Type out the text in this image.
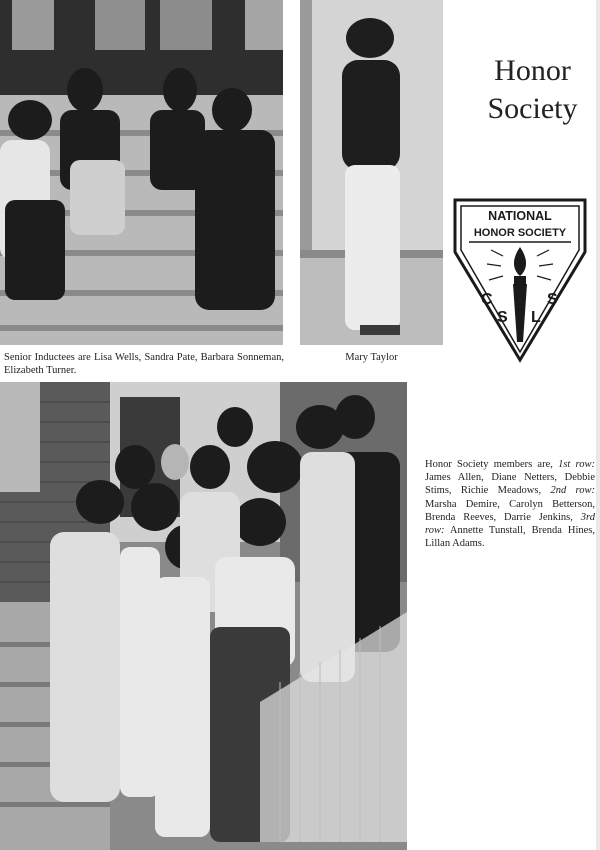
Senior Inductees are Lisa Wells, Sandra Pate, Barbara Sonneman, Elizabeth Turner.
Mary Taylor
Honor
Society
NATIONAL
HONOR SOCIETY
C
S L
S
Honor Society members are, 1st row: James Allen, Diane Netters, Debbie Stims, Richie Meadows, 2nd row: Marsha Demire, Carolyn Betterson, Brenda Reeves, Darrie Jenkins, 3rd row: Annette Tunstall, Brenda Hines, Lillan Adams.
